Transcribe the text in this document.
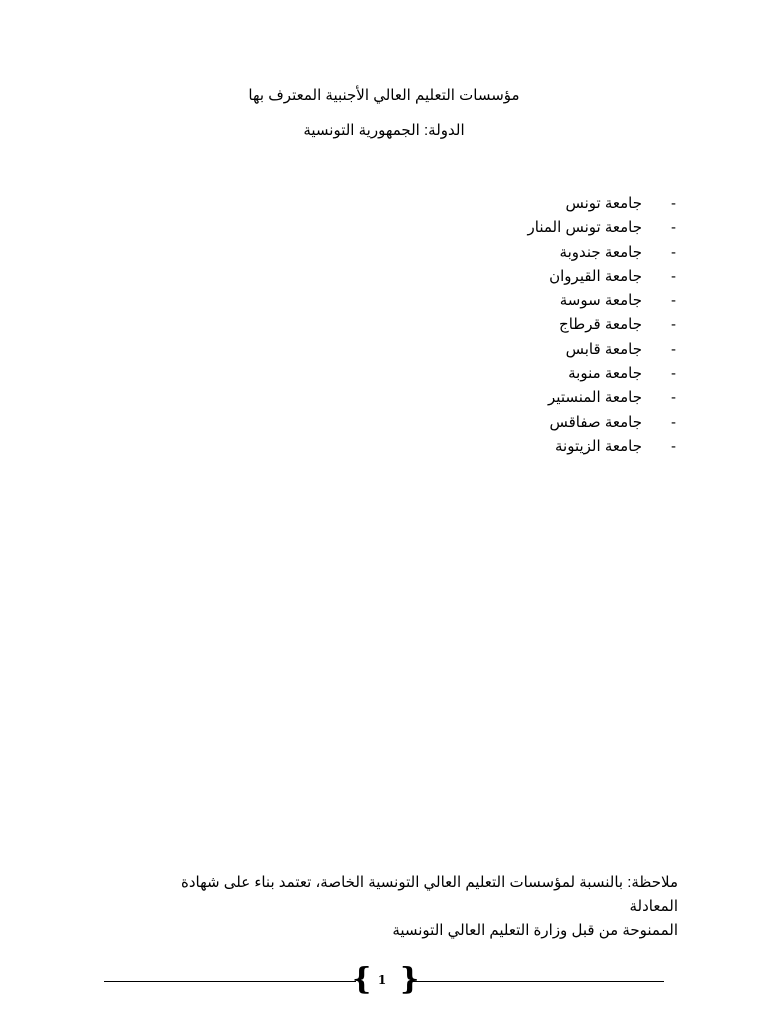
مؤسسات التعليم العالي الأجنبية المعترف بها
الدولة: الجمهورية التونسية
-جامعة تونس
-جامعة تونس المنار
-جامعة جندوبة
-جامعة القيروان
-جامعة سوسة
-جامعة قرطاج
-جامعة قابس
-جامعة منوبة
-جامعة المنستير
-جامعة صفاقس
-جامعة الزيتونة
ملاحظة: بالنسبة لمؤسسات التعليم العالي التونسية الخاصة، تعتمد بناء على شهادة المعادلة
الممنوحة من قبل وزارة التعليم العالي التونسية
{ 1 }
